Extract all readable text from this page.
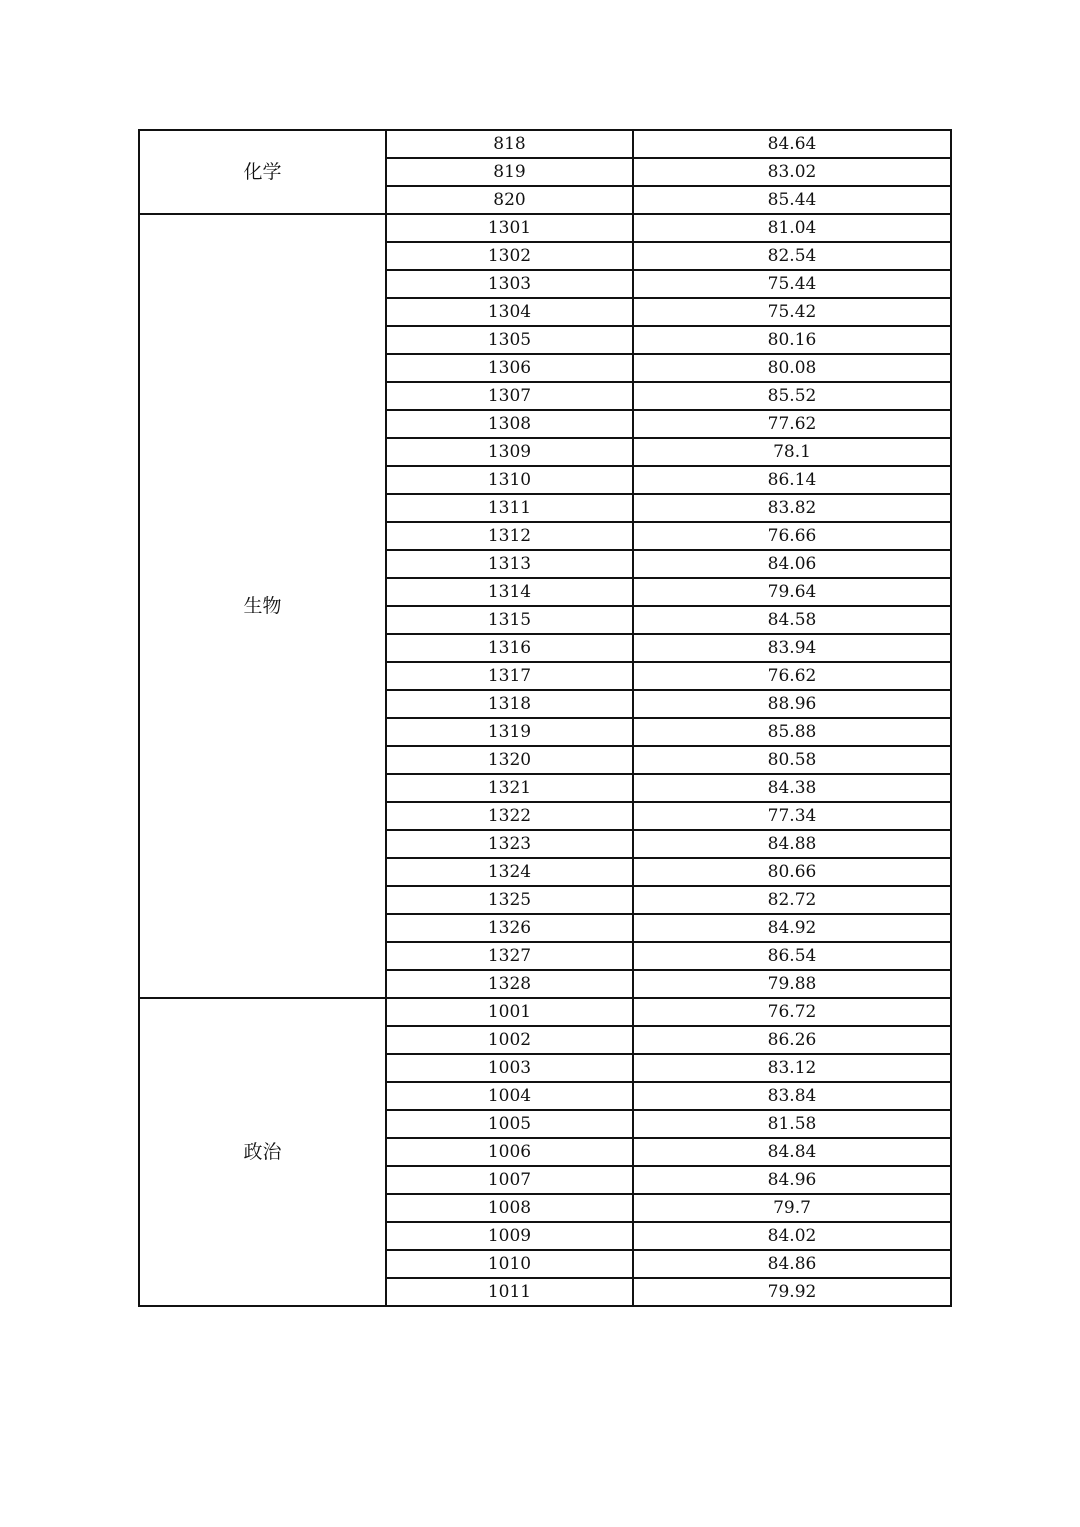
化学	818	84.64
	819	83.02
	820	85.44
生物	1301	81.04
	1302	82.54
	1303	75.44
	1304	75.42
	1305	80.16
	1306	80.08
	1307	85.52
	1308	77.62
	1309	78.1
	1310	86.14
	1311	83.82
	1312	76.66
	1313	84.06
	1314	79.64
	1315	84.58
	1316	83.94
	1317	76.62
	1318	88.96
	1319	85.88
	1320	80.58
	1321	84.38
	1322	77.34
	1323	84.88
	1324	80.66
	1325	82.72
	1326	84.92
	1327	86.54
	1328	79.88
政治	1001	76.72
	1002	86.26
	1003	83.12
	1004	83.84
	1005	81.58
	1006	84.84
	1007	84.96
	1008	79.7
	1009	84.02
	1010	84.86
	1011	79.92
